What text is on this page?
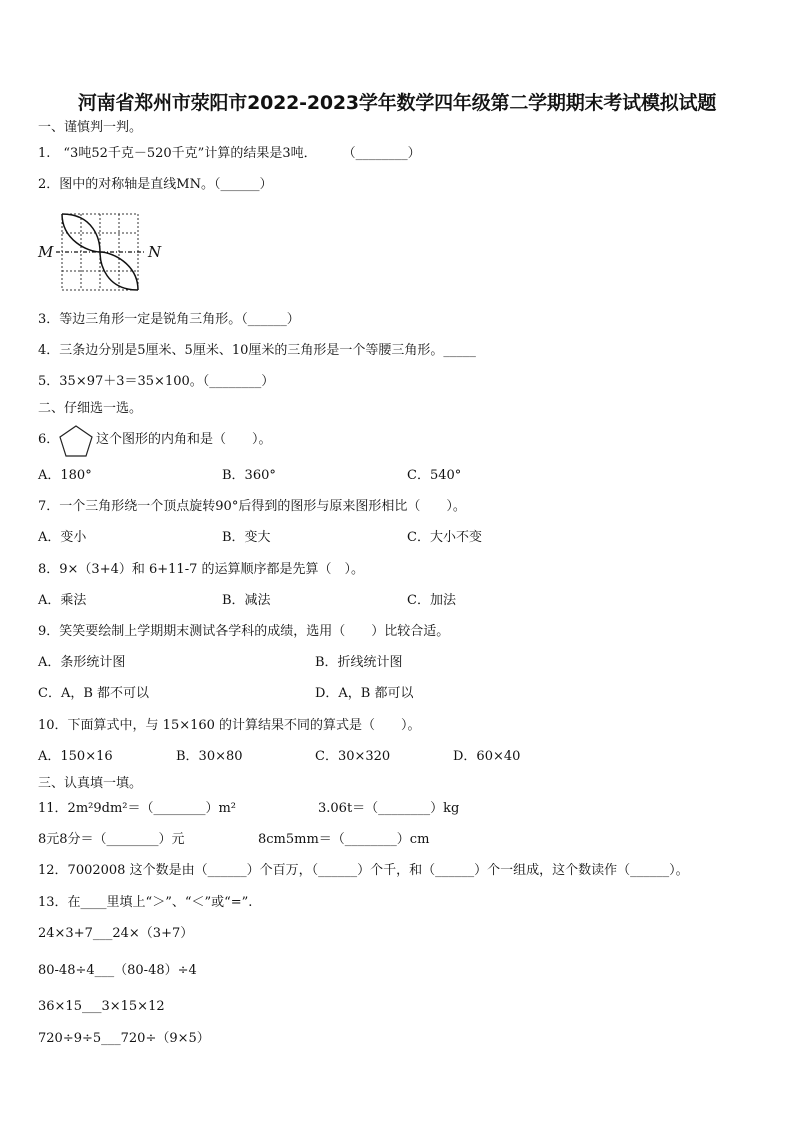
河南省郑州市荥阳市2022-2023学年数学四年级第二学期期末考试模拟试题
一、谨慎判一判。
1.　“3吨52千克－520千克”计算的结果是3吨．　　　（________）
2．图中的对称轴是直线MN。（______）
M	N
3．等边三角形一定是锐角三角形。（______）
4．三条边分别是5厘米、5厘米、10厘米的三角形是一个等腰三角形。_____
5．35×97＋3＝35×100。（________）
二、仔细选一选。
6．	这个图形的内角和是（　　）。
A．180°	B．360°	C．540°
7．一个三角形绕一个顶点旋转90°后得到的图形与原来图形相比（　　）。
A．变小	B．变大	C．大小不变
8．9×（3+4）和 6+11-7 的运算顺序都是先算（　）。
A．乘法	B．减法	C．加法
9．笑笑要绘制上学期期末测试各学科的成绩，选用（　　）比较合适。
A．条形统计图	B．折线统计图
C．A，B 都不可以	D．A，B 都可以
10．下面算式中，与 15×160 的计算结果不同的算式是（　　）。
A．150×16	B．30×80	C．30×320	D．60×40
三、认真填一填。
11．2m²9dm²＝（________）m²	3.06t＝（________）kg
8元8分＝（________）元	8cm5mm＝（________）cm
12．7002008 这个数是由（______）个百万，（______）个千，和（______）个一组成，这个数读作（______）。
13．在____里填上“＞”、“＜”或“=”.
24×3+7___24×（3+7）
80-48÷4___（80-48）÷4
36×15___3×15×12
720÷9÷5___720÷（9×5）
